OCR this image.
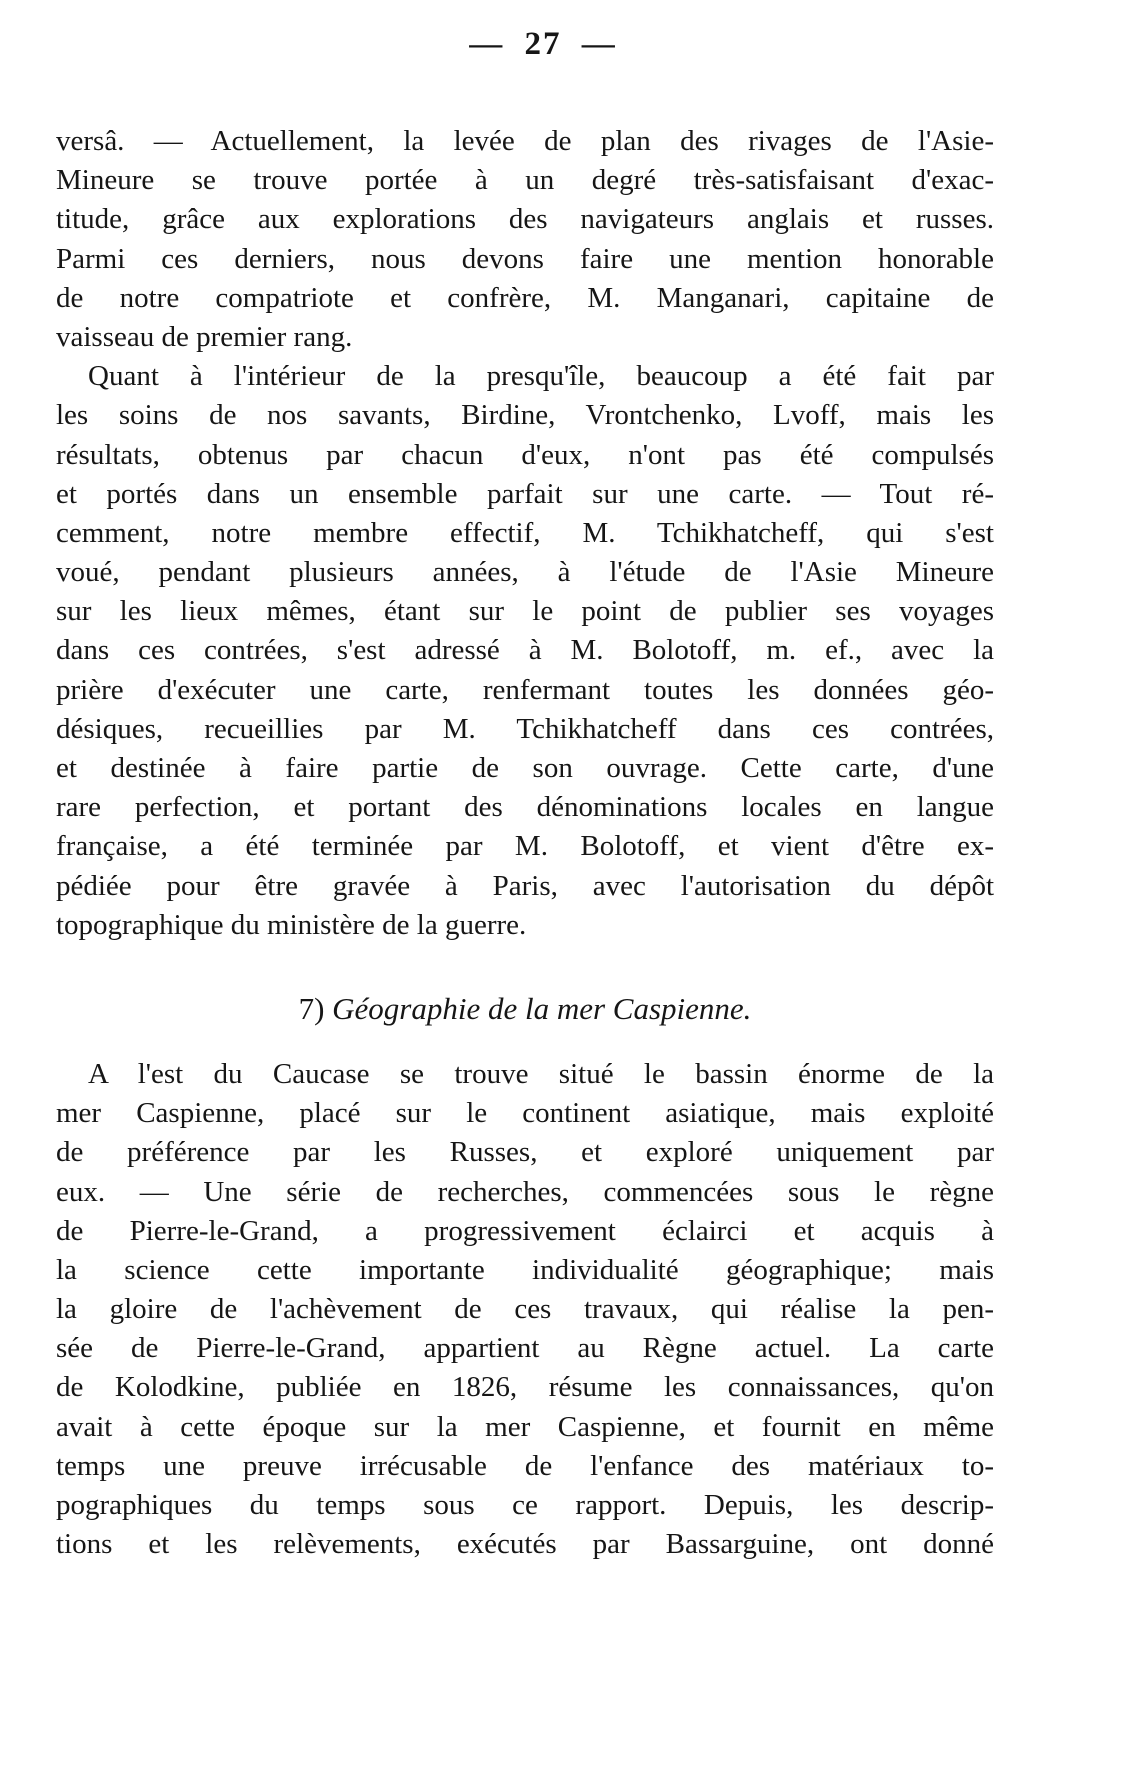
— 27 —
versâ. — Actuellement, la levée de plan des rivages de l'Asie-
Mineure se trouve portée à un degré très-satisfaisant d'exac-
titude, grâce aux explorations des navigateurs anglais et russes.
Parmi ces derniers, nous devons faire une mention honorable
de notre compatriote et confrère, M. Manganari, capitaine de
vaisseau de premier rang.
Quant à l'intérieur de la presqu'île, beaucoup a été fait par
les soins de nos savants, Birdine, Vrontchenko, Lvoff, mais les
résultats, obtenus par chacun d'eux, n'ont pas été compulsés
et portés dans un ensemble parfait sur une carte. — Tout ré-
cemment, notre membre effectif, M. Tchikhatcheff, qui s'est
voué, pendant plusieurs années, à l'étude de l'Asie Mineure
sur les lieux mêmes, étant sur le point de publier ses voyages
dans ces contrées, s'est adressé à M. Bolotoff, m. ef., avec la
prière d'exécuter une carte, renfermant toutes les données géo-
désiques, recueillies par M. Tchikhatcheff dans ces contrées,
et destinée à faire partie de son ouvrage. Cette carte, d'une
rare perfection, et portant des dénominations locales en langue
française, a été terminée par M. Bolotoff, et vient d'être ex-
pédiée pour être gravée à Paris, avec l'autorisation du dépôt
topographique du ministère de la guerre.
7) Géographie de la mer Caspienne.
A l'est du Caucase se trouve situé le bassin énorme de la
mer Caspienne, placé sur le continent asiatique, mais exploité
de préférence par les Russes, et exploré uniquement par
eux. — Une série de recherches, commencées sous le règne
de Pierre-le-Grand, a progressivement éclairci et acquis à
la science cette importante individualité géographique; mais
la gloire de l'achèvement de ces travaux, qui réalise la pen-
sée de Pierre-le-Grand, appartient au Règne actuel. La carte
de Kolodkine, publiée en 1826, résume les connaissances, qu'on
avait à cette époque sur la mer Caspienne, et fournit en même
temps une preuve irrécusable de l'enfance des matériaux to-
pographiques du temps sous ce rapport. Depuis, les descrip-
tions et les relèvements, exécutés par Bassarguine, ont donné
